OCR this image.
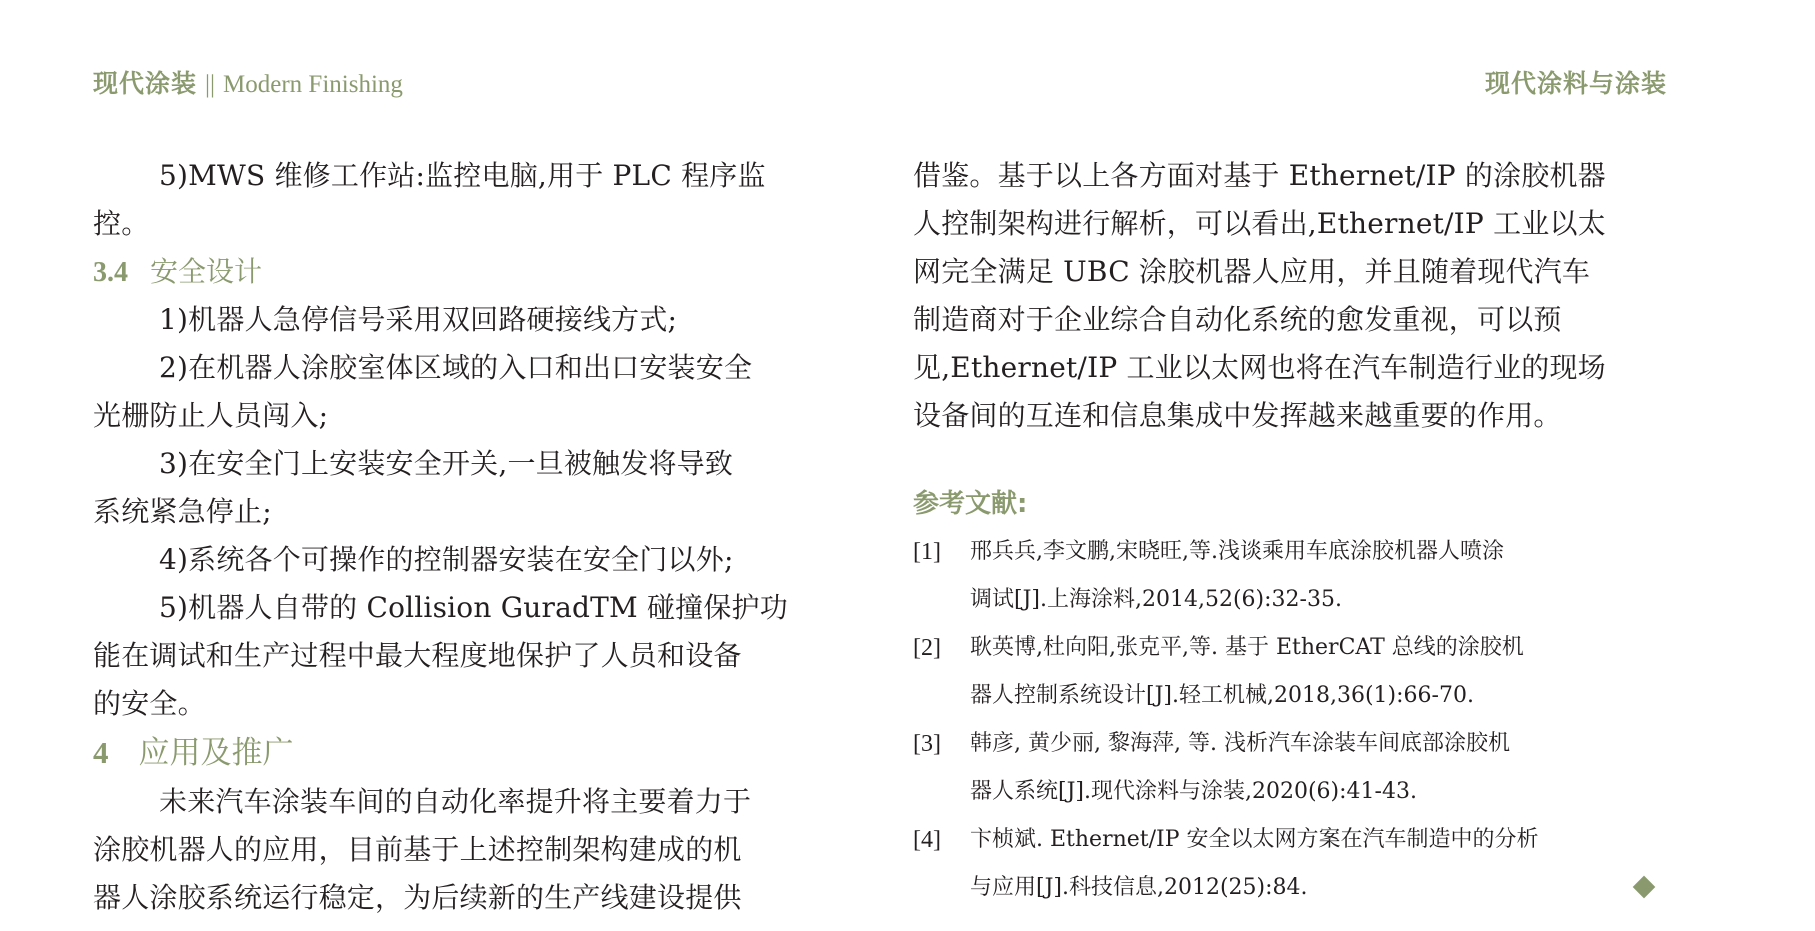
现代涂装 || Modern Finishing	现代涂料与涂装
5)MWS 维修工作站:监控电脑,用于 PLC 程序监
控。
3.4 安全设计
1)机器人急停信号采用双回路硬接线方式;
2)在机器人涂胶室体区域的入口和出口安装安全
光栅防止人员闯入;
3)在安全门上安装安全开关,一旦被触发将导致
系统紧急停止;
4)系统各个可操作的控制器安装在安全门以外;
5)机器人自带的 Collision GuradTM 碰撞保护功
能在调试和生产过程中最大程度地保护了人员和设备
的安全。
4 应用及推广
未来汽车涂装车间的自动化率提升将主要着力于
涂胶机器人的应用，目前基于上述控制架构建成的机
器人涂胶系统运行稳定，为后续新的生产线建设提供
借鉴。基于以上各方面对基于 Ethernet/IP 的涂胶机器
人控制架构进行解析，可以看出,Ethernet/IP 工业以太
网完全满足 UBC 涂胶机器人应用，并且随着现代汽车
制造商对于企业综合自动化系统的愈发重视，可以预
见,Ethernet/IP 工业以太网也将在汽车制造行业的现场
设备间的互连和信息集成中发挥越来越重要的作用。
参考文献:
[1] 邢兵兵,李文鹏,宋晓旺,等.浅谈乘用车底涂胶机器人喷涂
调试[J].上海涂料,2014,52(6):32-35.
[2] 耿英博,杜向阳,张克平,等. 基于 EtherCAT 总线的涂胶机
器人控制系统设计[J].轻工机械,2018,36(1):66-70.
[3] 韩彦, 黄少丽, 黎海萍, 等. 浅析汽车涂装车间底部涂胶机
器人系统[J].现代涂料与涂装,2020(6):41-43.
[4] 卞桢斌. Ethernet/IP 安全以太网方案在汽车制造中的分析
与应用[J].科技信息,2012(25):84.
